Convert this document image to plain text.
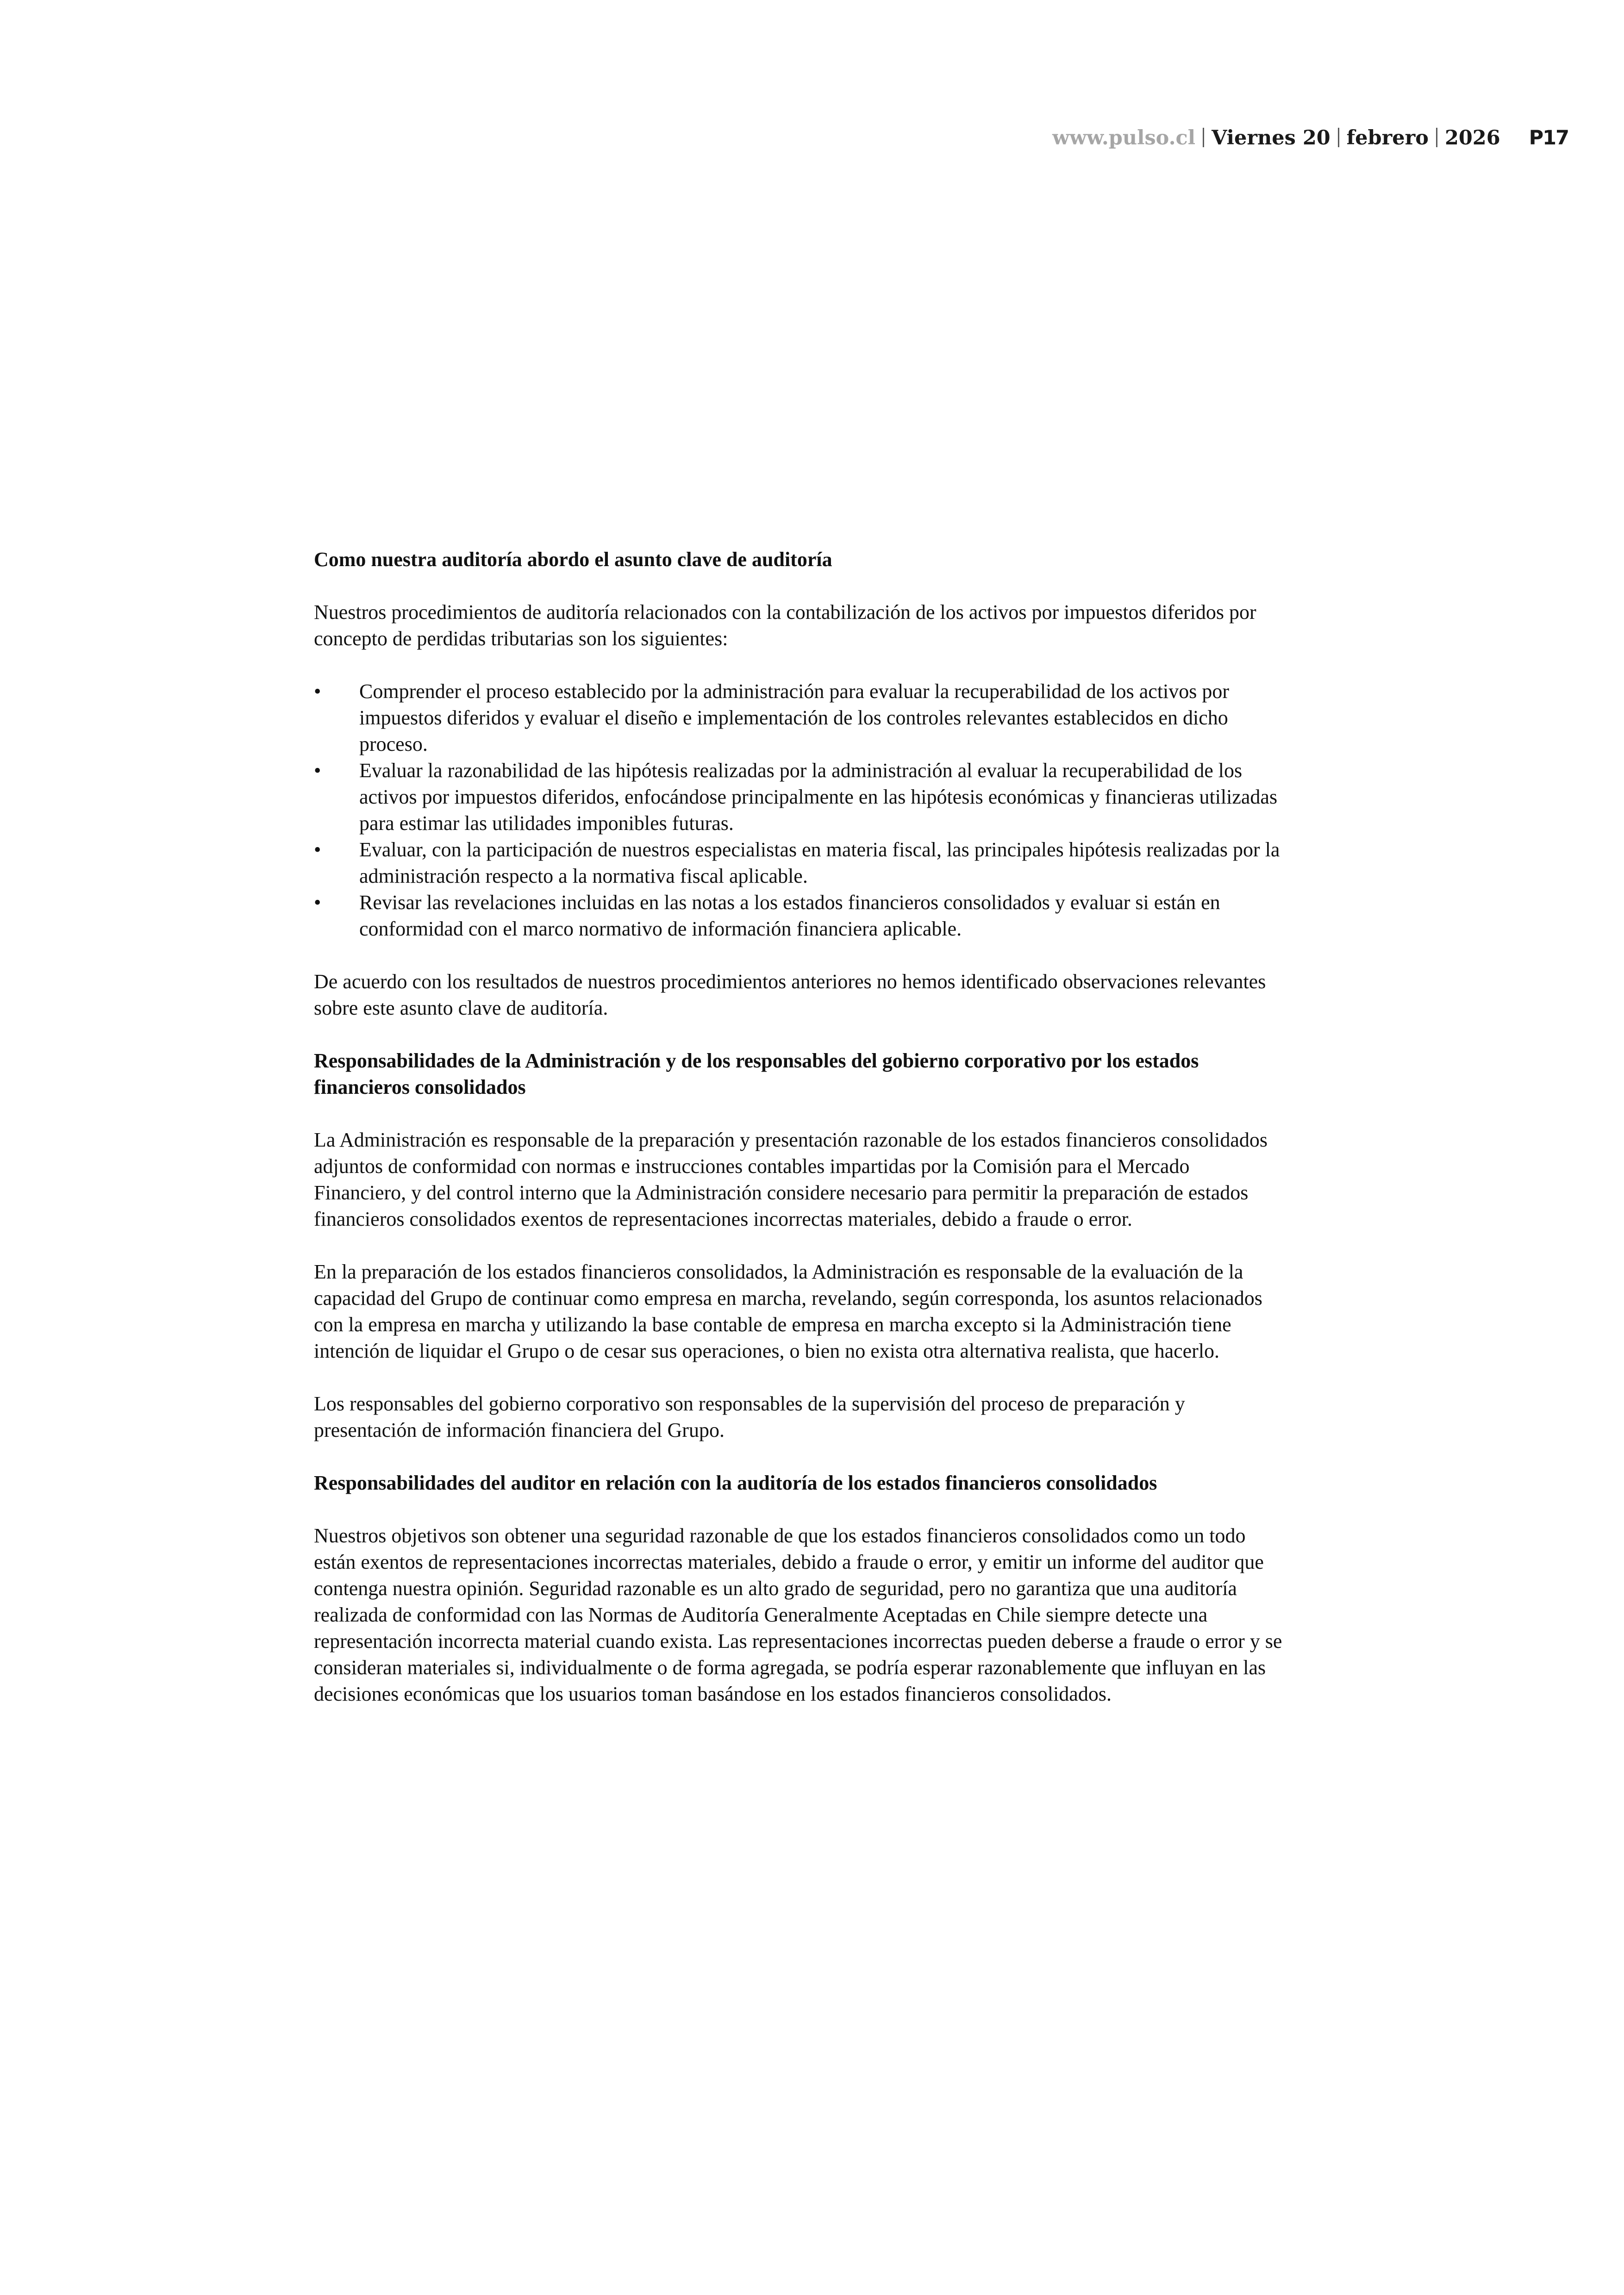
www.pulso.cl Viernes 20 febrero 2026 P17
Como nuestra auditoría abordo el asunto clave de auditoría

Nuestros procedimientos de auditoría relacionados con la contabilización de los activos por impuestos diferidos por concepto de perdidas tributarias son los siguientes:

• Comprender el proceso establecido por la administración para evaluar la recuperabilidad de los activos por impuestos diferidos y evaluar el diseño e implementación de los controles relevantes establecidos en dicho proceso.
• Evaluar la razonabilidad de las hipótesis realizadas por la administración al evaluar la recuperabilidad de los activos por impuestos diferidos, enfocándose principalmente en las hipótesis económicas y financieras utilizadas para estimar las utilidades imponibles futuras.
• Evaluar, con la participación de nuestros especialistas en materia fiscal, las principales hipótesis realizadas por la administración respecto a la normativa fiscal aplicable.
• Revisar las revelaciones incluidas en las notas a los estados financieros consolidados y evaluar si están en conformidad con el marco normativo de información financiera aplicable.

De acuerdo con los resultados de nuestros procedimientos anteriores no hemos identificado observaciones relevantes sobre este asunto clave de auditoría.

Responsabilidades de la Administración y de los responsables del gobierno corporativo por los estados financieros consolidados

La Administración es responsable de la preparación y presentación razonable de los estados financieros consolidados adjuntos de conformidad con normas e instrucciones contables impartidas por la Comisión para el Mercado Financiero, y del control interno que la Administración considere necesario para permitir la preparación de estados financieros consolidados exentos de representaciones incorrectas materiales, debido a fraude o error.

En la preparación de los estados financieros consolidados, la Administración es responsable de la evaluación de la capacidad del Grupo de continuar como empresa en marcha, revelando, según corresponda, los asuntos relacionados con la empresa en marcha y utilizando la base contable de empresa en marcha excepto si la Administración tiene intención de liquidar el Grupo o de cesar sus operaciones, o bien no exista otra alternativa realista, que hacerlo.

Los responsables del gobierno corporativo son responsables de la supervisión del proceso de preparación y presentación de información financiera del Grupo.

Responsabilidades del auditor en relación con la auditoría de los estados financieros consolidados

Nuestros objetivos son obtener una seguridad razonable de que los estados financieros consolidados como un todo están exentos de representaciones incorrectas materiales, debido a fraude o error, y emitir un informe del auditor que contenga nuestra opinión. Seguridad razonable es un alto grado de seguridad, pero no garantiza que una auditoría realizada de conformidad con las Normas de Auditoría Generalmente Aceptadas en Chile siempre detecte una representación incorrecta material cuando exista. Las representaciones incorrectas pueden deberse a fraude o error y se consideran materiales si, individualmente o de forma agregada, se podría esperar razonablemente que influyan en las decisiones económicas que los usuarios toman basándose en los estados financieros consolidados.
